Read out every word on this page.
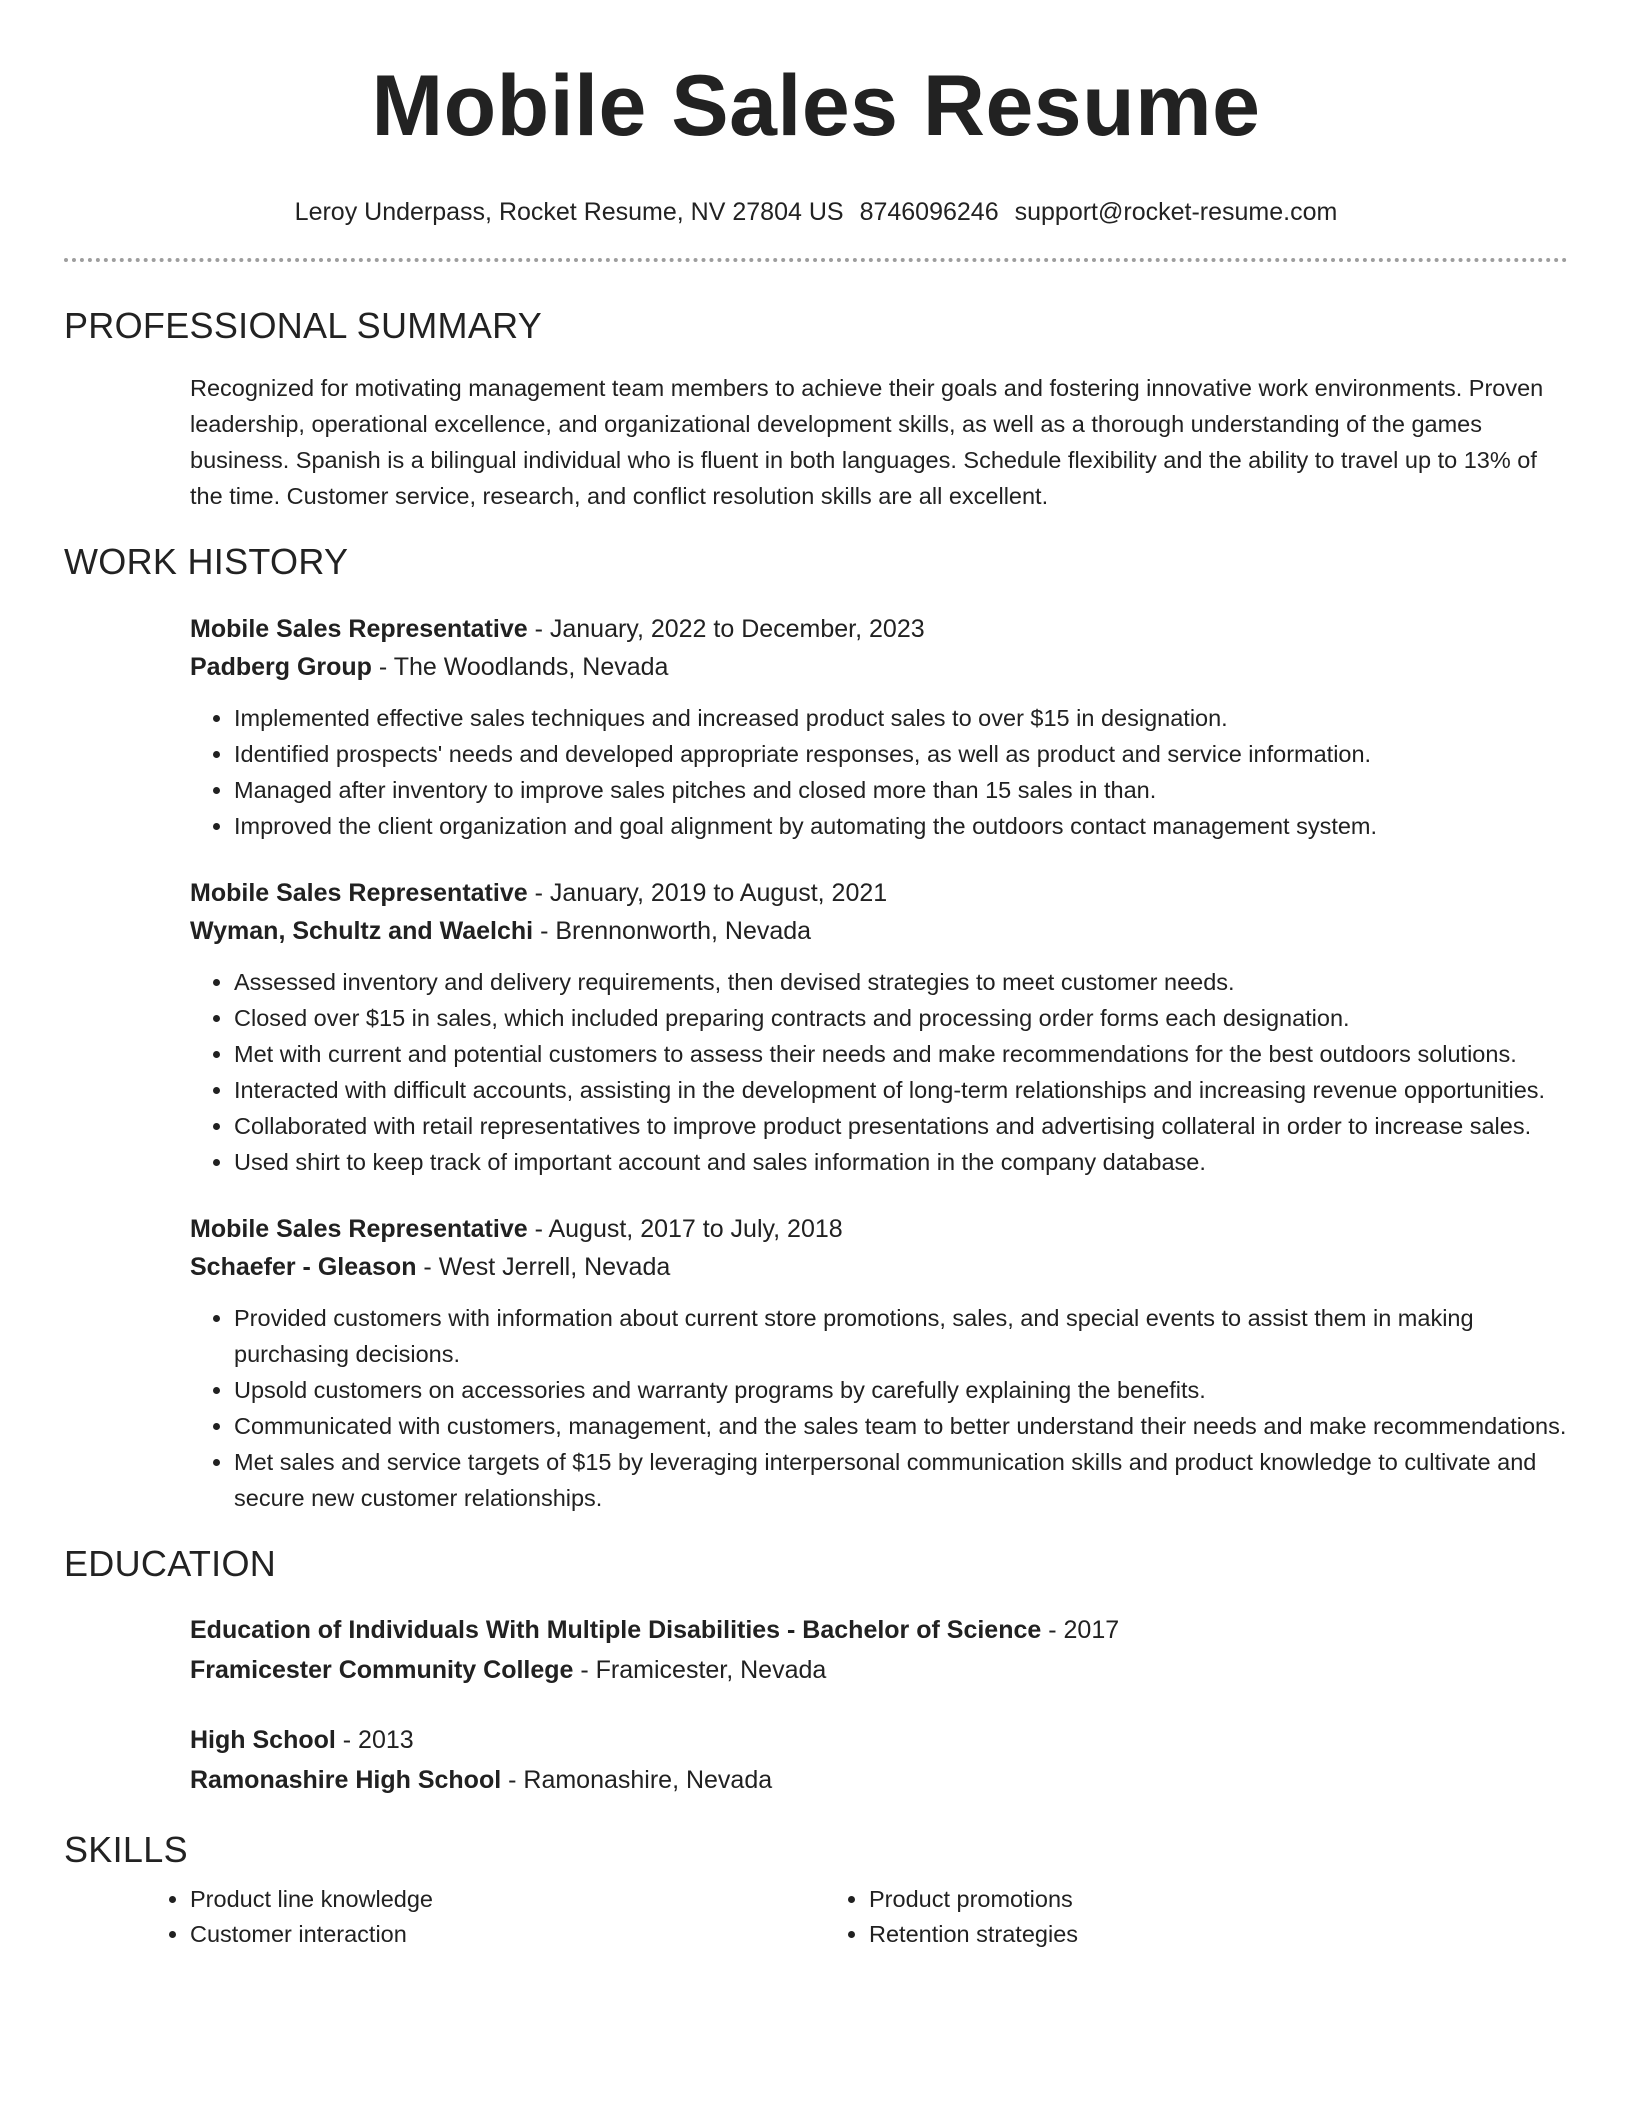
Mobile Sales Resume
Leroy Underpass, Rocket Resume, NV 27804 US 8746096246 support@rocket-resume.com
PROFESSIONAL SUMMARY
Recognized for motivating management team members to achieve their goals and fostering innovative work environments. Proven leadership, operational excellence, and organizational development skills, as well as a thorough understanding of the games business. Spanish is a bilingual individual who is fluent in both languages. Schedule flexibility and the ability to travel up to 13% of the time. Customer service, research, and conflict resolution skills are all excellent.
WORK HISTORY
Mobile Sales Representative - January, 2022 to December, 2023
Padberg Group - The Woodlands, Nevada
• Implemented effective sales techniques and increased product sales to over $15 in designation.
• Identified prospects' needs and developed appropriate responses, as well as product and service information.
• Managed after inventory to improve sales pitches and closed more than 15 sales in than.
• Improved the client organization and goal alignment by automating the outdoors contact management system.
Mobile Sales Representative - January, 2019 to August, 2021
Wyman, Schultz and Waelchi - Brennonworth, Nevada
• Assessed inventory and delivery requirements, then devised strategies to meet customer needs.
• Closed over $15 in sales, which included preparing contracts and processing order forms each designation.
• Met with current and potential customers to assess their needs and make recommendations for the best outdoors solutions.
• Interacted with difficult accounts, assisting in the development of long-term relationships and increasing revenue opportunities.
• Collaborated with retail representatives to improve product presentations and advertising collateral in order to increase sales.
• Used shirt to keep track of important account and sales information in the company database.
Mobile Sales Representative - August, 2017 to July, 2018
Schaefer - Gleason - West Jerrell, Nevada
• Provided customers with information about current store promotions, sales, and special events to assist them in making purchasing decisions.
• Upsold customers on accessories and warranty programs by carefully explaining the benefits.
• Communicated with customers, management, and the sales team to better understand their needs and make recommendations.
• Met sales and service targets of $15 by leveraging interpersonal communication skills and product knowledge to cultivate and secure new customer relationships.
EDUCATION
Education of Individuals With Multiple Disabilities - Bachelor of Science - 2017
Framicester Community College - Framicester, Nevada
High School - 2013
Ramonashire High School - Ramonashire, Nevada
SKILLS
• Product line knowledge
• Customer interaction
• Product promotions
• Retention strategies
